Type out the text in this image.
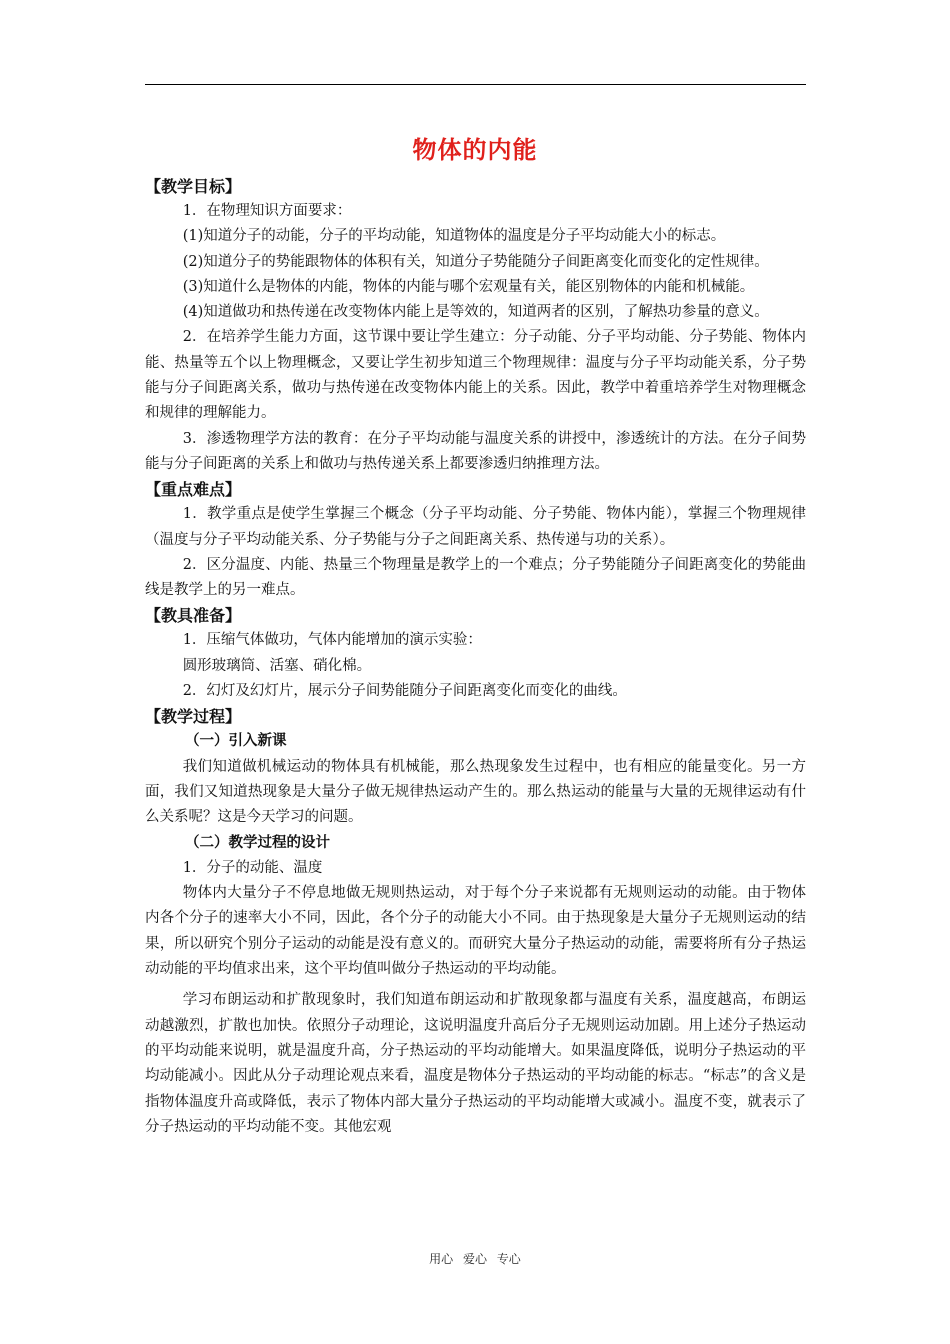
物体的内能
【教学目标】

1．在物理知识方面要求：

(1)知道分子的动能，分子的平均动能，知道物体的温度是分子平均动能大小的标志。

(2)知道分子的势能跟物体的体积有关，知道分子势能随分子间距离变化而变化的定性规律。

(3)知道什么是物体的内能，物体的内能与哪个宏观量有关，能区别物体的内能和机械能。

(4)知道做功和热传递在改变物体内能上是等效的，知道两者的区别，了解热功参量的意义。

2．在培养学生能力方面，这节课中要让学生建立：分子动能、分子平均动能、分子势能、物体内能、热量等五个以上物理概念，又要让学生初步知道三个物理规律：温度与分子平均动能关系，分子势能与分子间距离关系，做功与热传递在改变物体内能上的关系。因此，教学中着重培养学生对物理概念和规律的理解能力。

3．渗透物理学方法的教育：在分子平均动能与温度关系的讲授中，渗透统计的方法。在分子间势能与分子间距离的关系上和做功与热传递关系上都要渗透归纳推理方法。

【重点难点】

1．教学重点是使学生掌握三个概念（分子平均动能、分子势能、物体内能），掌握三个物理规律（温度与分子平均动能关系、分子势能与分子之间距离关系、热传递与功的关系）。

2．区分温度、内能、热量三个物理量是教学上的一个难点；分子势能随分子间距离变化的势能曲线是教学上的另一难点。

【教具准备】

1．压缩气体做功，气体内能增加的演示实验：

圆形玻璃筒、活塞、硝化棉。

2．幻灯及幻灯片，展示分子间势能随分子间距离变化而变化的曲线。

【教学过程】
（一）引入新课

我们知道做机械运动的物体具有机械能，那么热现象发生过程中，也有相应的能量变化。另一方面，我们又知道热现象是大量分子做无规律热运动产生的。那么热运动的能量与大量的无规律运动有什么关系呢？这是今天学习的问题。

（二）教学过程的设计

1．分子的动能、温度

物体内大量分子不停息地做无规则热运动，对于每个分子来说都有无规则运动的动能。由于物体内各个分子的速率大小不同，因此，各个分子的动能大小不同。由于热现象是大量分子无规则运动的结果，所以研究个别分子运动的动能是没有意义的。而研究大量分子热运动的动能，需要将所有分子热运动动能的平均值求出来，这个平均值叫做分子热运动的平均动能。

学习布朗运动和扩散现象时，我们知道布朗运动和扩散现象都与温度有关系，温度越高，布朗运动越激烈，扩散也加快。依照分子动理论，这说明温度升高后分子无规则运动加剧。用上述分子热运动的平均动能来说明，就是温度升高，分子热运动的平均动能增大。如果温度降低，说明分子热运动的平均动能减小。因此从分子动理论观点来看，温度是物体分子热运动的平均动能的标志。“标志”的含义是指物体温度升高或降低，表示了物体内部大量分子热运动的平均动能增大或减小。温度不变，就表示了分子热运动的平均动能不变。其他宏观

用心 爱心 专心
